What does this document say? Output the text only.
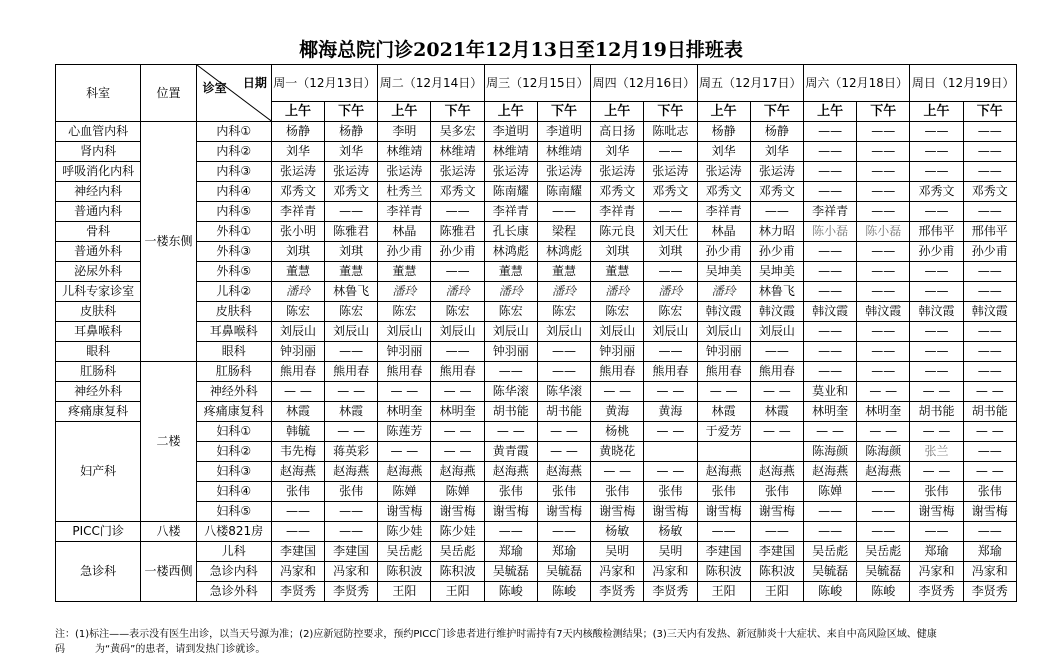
椰海总院门诊2021年12月13日至12月19日排班表
科室	位置	日期
诊室	周一（12月13日）		周二（12月14日）		周三（12月15日）		周四（12月16日）		周五（12月17日）		周六（12月18日）		周日（12月19日）	
			上午	下午	上午	下午	上午	下午	上午	下午	上午	下午	上午	下午	上午	下午
心血管内科	一楼东侧	内科①	杨静	杨静	李明	吴多宏	李道明	李道明	高日扬	陈吡志	杨静	杨静	——	——	——	——
肾内科		内科②	刘华	刘华	林维靖	林维靖	林维靖	林维靖	刘华	——	刘华	刘华	——	——	——	——
呼吸消化内科		内科③	张运涛	张运涛	张运涛	张运涛	张运涛	张运涛	张运涛	张运涛	张运涛	张运涛	——	——	——	——
神经内科		内科④	邓秀文	邓秀文	杜秀兰	邓秀文	陈南耀	陈南耀	邓秀文	邓秀文	邓秀文	邓秀文	——	——	邓秀文	邓秀文
普通内科		内科⑤	李祥青	——	李祥青	——	李祥青	——	李祥青	——	李祥青	——	李祥青	——	——	——
骨科		外科①	张小明	陈雅君	林晶	陈雅君	孔长康	梁程	陈元良	刘天仕	林晶	林力昭	陈小磊	陈小磊	邢伟平	邢伟平
普通外科		外科③	刘琪	刘琪	孙少甫	孙少甫	林鸿彪	林鸿彪	刘琪	刘琪	孙少甫	孙少甫	——	——	孙少甫	孙少甫
泌尿外科		外科⑤	董慧	董慧	董慧	——	董慧	董慧	董慧	——	吴坤美	吴坤美	——	——	——	——
儿科专家诊室		儿科②	潘玲	林鲁飞	潘玲	潘玲	潘玲	潘玲	潘玲	潘玲	潘玲	林鲁飞	——	——	——	——
皮肤科		皮肤科	陈宏	陈宏	陈宏	陈宏	陈宏	陈宏	陈宏	陈宏	韩汶霞	韩汶霞	韩汶霞	韩汶霞	韩汶霞	韩汶霞
耳鼻喉科		耳鼻喉科	刘辰山	刘辰山	刘辰山	刘辰山	刘辰山	刘辰山	刘辰山	刘辰山	刘辰山	刘辰山	——	——	——	——
眼科		眼科	钟羽丽	——	钟羽丽	——	钟羽丽	——	钟羽丽	——	钟羽丽	——	——	——	——	——
肛肠科	二楼	肛肠科	熊用春	熊用春	熊用春	熊用春	——	——	熊用春	熊用春	熊用春	熊用春	——	——	——	——
神经外科		神经外科	— —	— —	— —	— —	陈华滚	陈华滚	— —	— —	— —	— —	莫业和	— —	— —	— —
疼痛康复科		疼痛康复科	林霞	林霞	林明奎	林明奎	胡书能	胡书能	黄海	黄海	林霞	林霞	林明奎	林明奎	胡书能	胡书能
妇产科		妇科①	韩毓	— —	陈莲芳	— —	— —	— —	杨桃	— —	于爱芳	— —	— —	— —	— —	— —
		妇科②	韦先梅	蒋英彩	— —	— —	黄青霞	— —	黄晓花				陈海颜	陈海颜	张兰	——
		妇科③	赵海燕	赵海燕	赵海燕	赵海燕	赵海燕	赵海燕	— —	— —	赵海燕	赵海燕	赵海燕	赵海燕	— —	— —
		妇科④	张伟	张伟	陈婵	陈婵	张伟	张伟	张伟	张伟	张伟	张伟	陈婵	——	张伟	张伟
		妇科⑤	——	——	谢雪梅	谢雪梅	谢雪梅	谢雪梅	谢雪梅	谢雪梅	谢雪梅	谢雪梅	——	——	谢雪梅	谢雪梅
PICC门诊	八楼	八楼821房	——	——	陈少娃	陈少娃	——	——	杨敏	杨敏	——	——	——	——	——	——
急诊科	一楼西侧	儿科	李建国	李建国	吴岳彪	吴岳彪	郑瑜	郑瑜	吴明	吴明	李建国	李建国	吴岳彪	吴岳彪	郑瑜	郑瑜
		急诊内科	冯家和	冯家和	陈积波	陈积波	吴毓磊	吴毓磊	冯家和	冯家和	陈积波	陈积波	吴毓磊	吴毓磊	冯家和	冯家和
		急诊外科	李贤秀	李贤秀	王阳	王阳	陈峻	陈峻	李贤秀	李贤秀	王阳	王阳	陈峻	陈峻	李贤秀	李贤秀
注：(1)标注——表示没有医生出诊，以当天号源为准；(2)应新冠防控要求，预约PICC门诊患者进行维护时需持有7天内核酸检测结果；(3)三天内有发热、新冠肺炎十大症状、来自中高风险区域、健康
码　　　为“黄码”的患者，请到发热门诊就诊。
